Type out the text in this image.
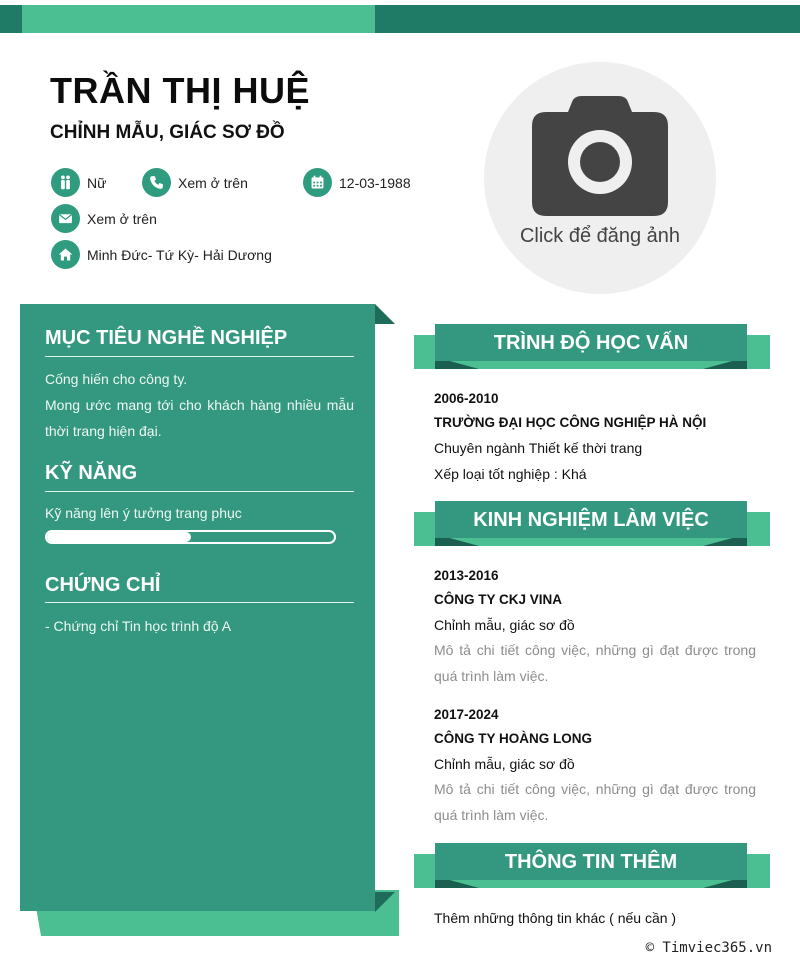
TRẦN THỊ HUỆ
CHỈNH MẪU, GIÁC SƠ ĐỒ
Nữ	Xem ở trên	12-03-1988
Xem ở trên
Minh Đức- Tứ Kỳ- Hải Dương
Click để đăng ảnh
MỤC TIÊU NGHỀ NGHIỆP
Cống hiến cho công ty.
Mong ước mang tới cho khách hàng nhiều mẫu thời trang hiện đại.
KỸ NĂNG
Kỹ năng lên ý tưởng trang phục
CHỨNG CHỈ
- Chứng chỉ Tin học trình độ A
TRÌNH ĐỘ HỌC VẤN
2006-2010
TRƯỜNG ĐẠI HỌC CÔNG NGHIỆP HÀ NỘI
Chuyên ngành Thiết kế thời trang
Xếp loại tốt nghiệp : Khá
KINH NGHIỆM LÀM VIỆC
2013-2016
CÔNG TY CKJ VINA
Chỉnh mẫu, giác sơ đồ
Mô tả chi tiết công việc, những gì đạt được trong quá trình làm việc.
2017-2024
CÔNG TY HOÀNG LONG
Chỉnh mẫu, giác sơ đồ
Mô tả chi tiết công việc, những gì đạt được trong quá trình làm việc.
THÔNG TIN THÊM
Thêm những thông tin khác ( nếu cần )
© Timviec365.vn
